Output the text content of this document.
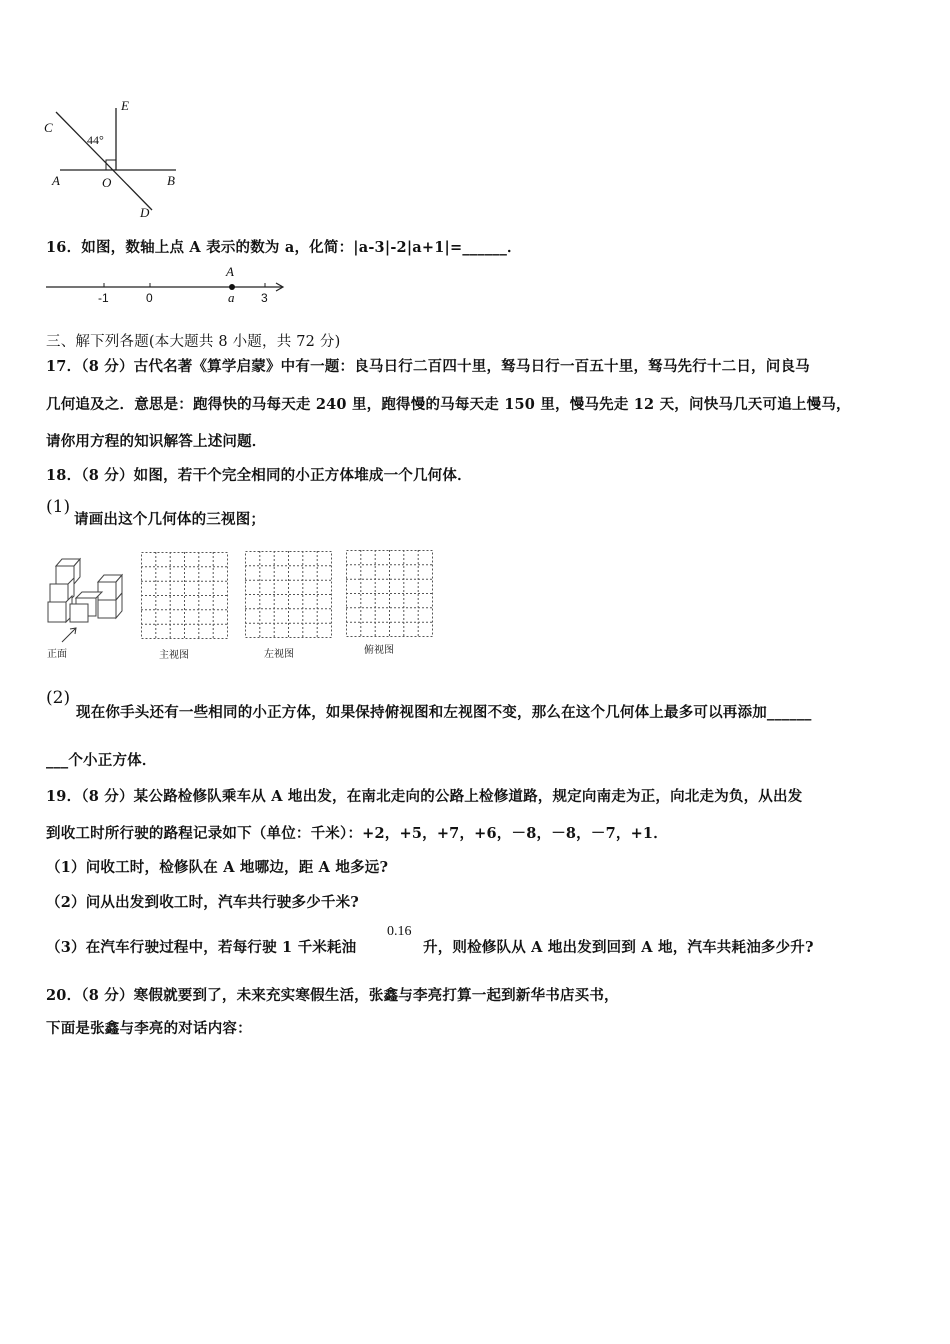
C
E
44°
A	O	B
D
16．如图，数轴上点 A 表示的数为 a，化简：|a-3|-2|a+1|=______．
A
a
-1	0	3
三、解下列各题(本大题共 8 小题，共 72 分)
17．（8 分）古代名著《算学启蒙》中有一题：良马日行二百四十里，驽马日行一百五十里，驽马先行十二日，问良马
几何追及之．意思是：跑得快的马每天走 240 里，跑得慢的马每天走 150 里，慢马先走 12 天，问快马几天可追上慢马，
请你用方程的知识解答上述问题．
18．（8 分）如图，若干个完全相同的小正方体堆成一个几何体．
(1)
请画出这个几何体的三视图；
正面	主视图	左视图	俯视图
(2)
现在你手头还有一些相同的小正方体，如果保持俯视图和左视图不变，那么在这个几何体上最多可以再添加______
___个小正方体．
19．（8 分）某公路检修队乘车从 A 地出发，在南北走向的公路上检修道路，规定向南走为正，向北走为负，从出发
到收工时所行驶的路程记录如下（单位：千米）：+2，+5，+7，+6，－8，－8，－7，+1．
（1）问收工时，检修队在 A 地哪边，距 A 地多远?
（2）问从出发到收工时，汽车共行驶多少千米?
（3）在汽车行驶过程中，若每行驶 1 千米耗油
0.16
升，则检修队从 A 地出发到回到 A 地，汽车共耗油多少升?
20．（8 分）寒假就要到了，未来充实寒假生活，张鑫与李亮打算一起到新华书店买书，
下面是张鑫与李亮的对话内容：
